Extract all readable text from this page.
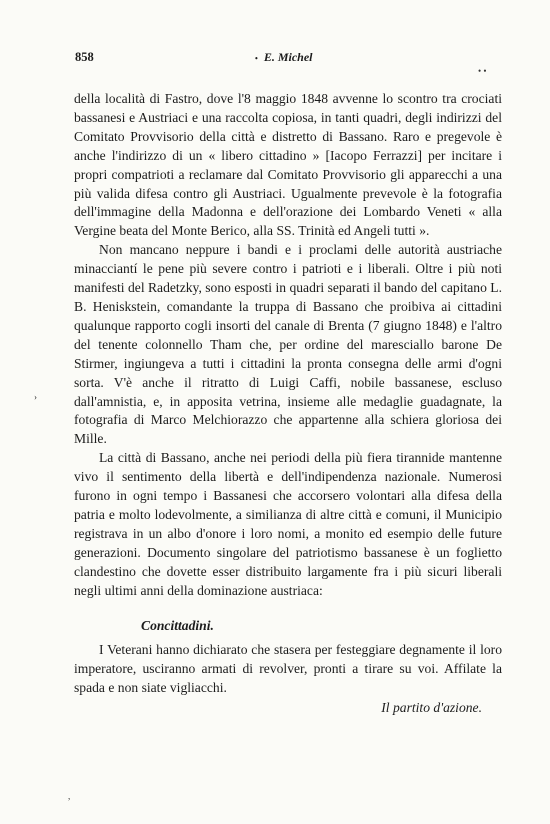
858	• E. Michel
• •
›
,

della località di Fastro, dove l'8 maggio 1848 avvenne lo scontro tra crociati bassanesi e Austriaci e una raccolta copiosa, in tanti quadri, degli indirizzi del Comitato Provvisorio della città e distretto di Bassano. Raro e pregevole è anche l'indirizzo di un « libero cittadino » [Iacopo Ferrazzi] per incitare i propri compatrioti a reclamare dal Comitato Provvisorio gli apparecchi a una più valida difesa contro gli Austriaci. Ugualmente prevevole è la fotografia dell'immagine della Madonna e dell'orazione dei Lombardo Veneti « alla Vergine beata del Monte Berico, alla SS. Trinità ed Angeli tutti ».

Non mancano neppure i bandi e i proclami delle autorità austriache minacciantí le pene più severe contro i patrioti e i liberali. Oltre i più noti manifesti del Radetzky, sono esposti in quadri separati il bando del capitano L. B. Heniskstein, comandante la truppa di Bassano che proibiva ai cittadini qualunque rapporto cogli insorti del canale di Brenta (7 giugno 1848) e l'altro del tenente colonnello Tham che, per ordine del maresciallo barone De Stirmer, ingiungeva a tutti i cittadini la pronta consegna delle armi d'ogni sorta. V'è anche il ritratto di Luigi Caffi, nobile bassanese, escluso dall'amnistia, e, in apposita vetrina, insieme alle medaglie guadagnate, la fotografia di Marco Melchiorazzo che appartenne alla schiera gloriosa dei Mille.

La città di Bassano, anche nei periodi della più fiera tirannide mantenne vivo il sentimento della libertà e dell'indipendenza nazionale. Numerosi furono in ogni tempo i Bassanesi che accorsero volontari alla difesa della patria e molto lodevolmente, a similianza di altre città e comuni, il Municipio registrava in un albo d'onore i loro nomi, a monito ed esempio delle future generazioni. Documento singolare del patriotismo bassanese è un foglietto clandestino che dovette esser distribuito largamente fra i più sicuri liberali negli ultimi anni della dominazione austriaca:

Concittadini.

I Veterani hanno dichiarato che stasera per festeggiare degnamente il loro imperatore, usciranno armati di revolver, pronti a tirare su voi. Affilate la spada e non siate vigliacchi.

Il partito d'azione.
